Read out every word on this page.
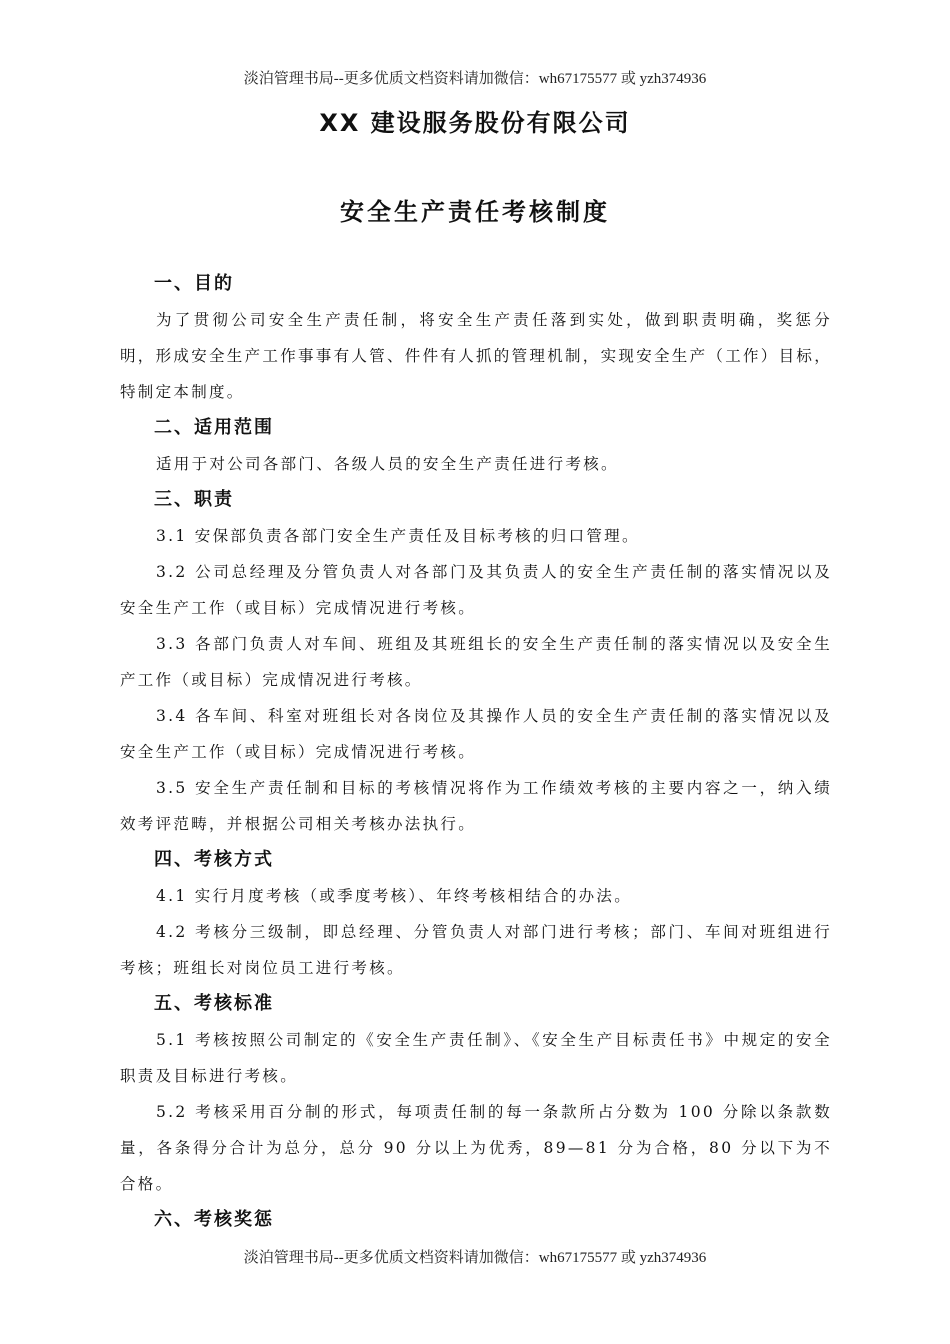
淡泊管理书局--更多优质文档资料请加微信：wh67175577 或 yzh374936
XX 建设服务股份有限公司
安全生产责任考核制度
一、目的

为了贯彻公司安全生产责任制，将安全生产责任落到实处，做到职责明确，奖惩分明，形成安全生产工作事事有人管、件件有人抓的管理机制，实现安全生产（工作）目标，特制定本制度。

二、适用范围

适用于对公司各部门、各级人员的安全生产责任进行考核。

三、职责

3.1 安保部负责各部门安全生产责任及目标考核的归口管理。

3.2 公司总经理及分管负责人对各部门及其负责人的安全生产责任制的落实情况以及安全生产工作（或目标）完成情况进行考核。

3.3 各部门负责人对车间、班组及其班组长的安全生产责任制的落实情况以及安全生产工作（或目标）完成情况进行考核。

3.4 各车间、科室对班组长对各岗位及其操作人员的安全生产责任制的落实情况以及安全生产工作（或目标）完成情况进行考核。

3.5 安全生产责任制和目标的考核情况将作为工作绩效考核的主要内容之一，纳入绩效考评范畴，并根据公司相关考核办法执行。

四、考核方式

4.1 实行月度考核（或季度考核）、年终考核相结合的办法。

4.2 考核分三级制，即总经理、分管负责人对部门进行考核；部门、车间对班组进行考核；班组长对岗位员工进行考核。

五、考核标准

5.1 考核按照公司制定的《安全生产责任制》、《安全生产目标责任书》中规定的安全职责及目标进行考核。

5.2 考核采用百分制的形式，每项责任制的每一条款所占分数为 100 分除以条款数量，各条得分合计为总分，总分 90 分以上为优秀，89—81 分为合格，80 分以下为不合格。

六、考核奖惩
淡泊管理书局--更多优质文档资料请加微信：wh67175577 或 yzh374936
